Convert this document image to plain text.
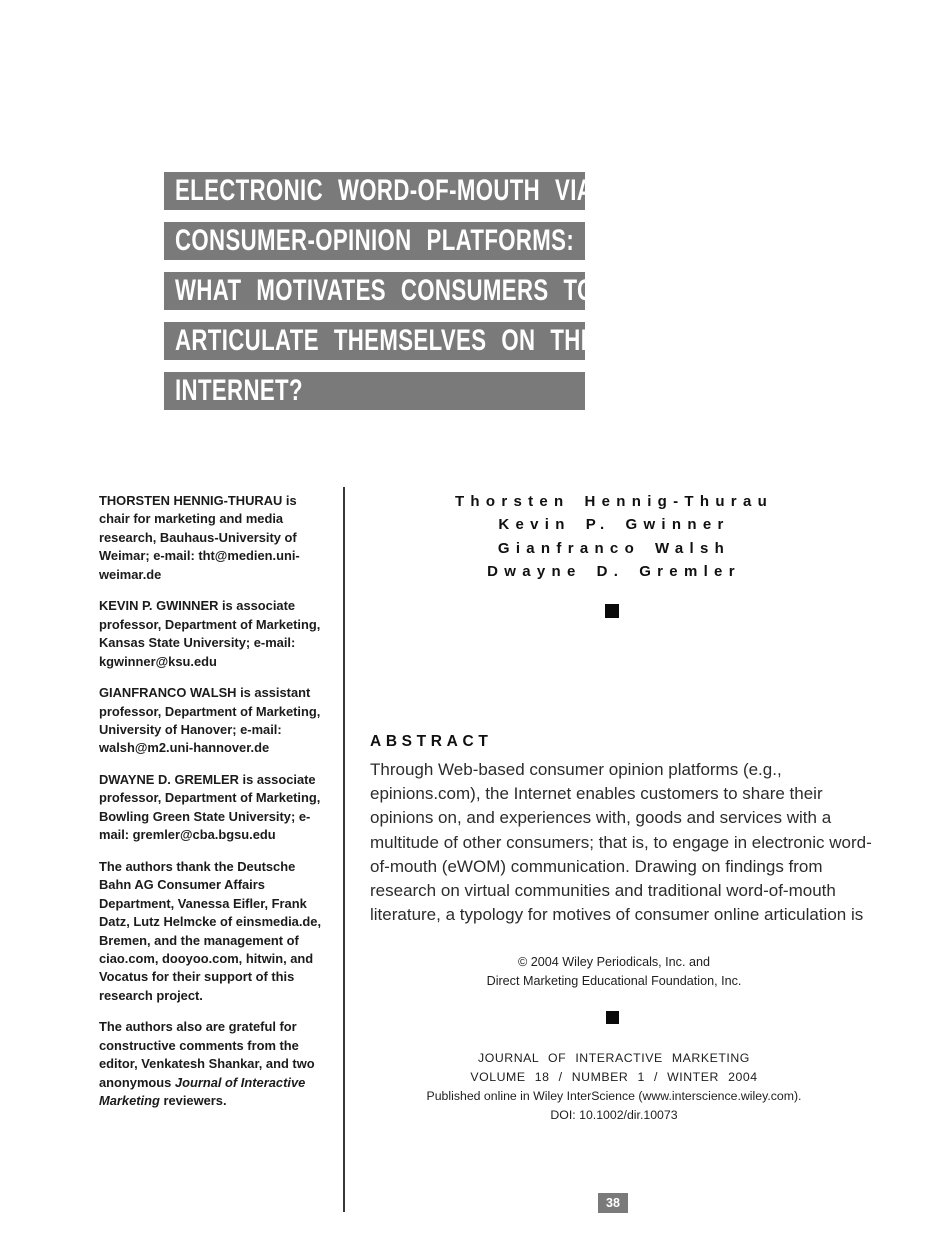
ELECTRONIC WORD-OF-MOUTH VIA
CONSUMER-OPINION PLATFORMS:
WHAT MOTIVATES CONSUMERS TO
ARTICULATE THEMSELVES ON THE
INTERNET?

THORSTEN HENNIG-THURAU is chair for marketing and media research, Bauhaus-University of Weimar; e-mail: tht@medien.uni-weimar.de

KEVIN P. GWINNER is associate professor, Department of Marketing, Kansas State University; e-mail: kgwinner@ksu.edu

GIANFRANCO WALSH is assistant professor, Department of Marketing, University of Hanover; e-mail: walsh@m2.uni-hannover.de

DWAYNE D. GREMLER is associate professor, Department of Marketing, Bowling Green State University; e-mail: gremler@cba.bgsu.edu

The authors thank the Deutsche Bahn AG Consumer Affairs Department, Vanessa Eifler, Frank Datz, Lutz Helmcke of einsmedia.de, Bremen, and the management of ciao.com, dooyoo.com, hitwin, and Vocatus for their support of this research project.

The authors also are grateful for constructive comments from the editor, Venkatesh Shankar, and two anonymous Journal of Interactive Marketing reviewers.

Thorsten Hennig-Thurau
Kevin P. Gwinner
Gianfranco Walsh
Dwayne D. Gremler
ABSTRACT
Through Web-based consumer opinion platforms (e.g., epinions.com), the Internet enables customers to share their opinions on, and experiences with, goods and services with a multitude of other consumers; that is, to engage in electronic word-of-mouth (eWOM) communication. Drawing on findings from research on virtual communities and traditional word-of-mouth literature, a typology for motives of consumer online articulation is
© 2004 Wiley Periodicals, Inc. and
Direct Marketing Educational Foundation, Inc.
JOURNAL OF INTERACTIVE MARKETING
VOLUME 18 / NUMBER 1 / WINTER 2004
Published online in Wiley InterScience (www.interscience.wiley.com).
DOI: 10.1002/dir.10073
38
